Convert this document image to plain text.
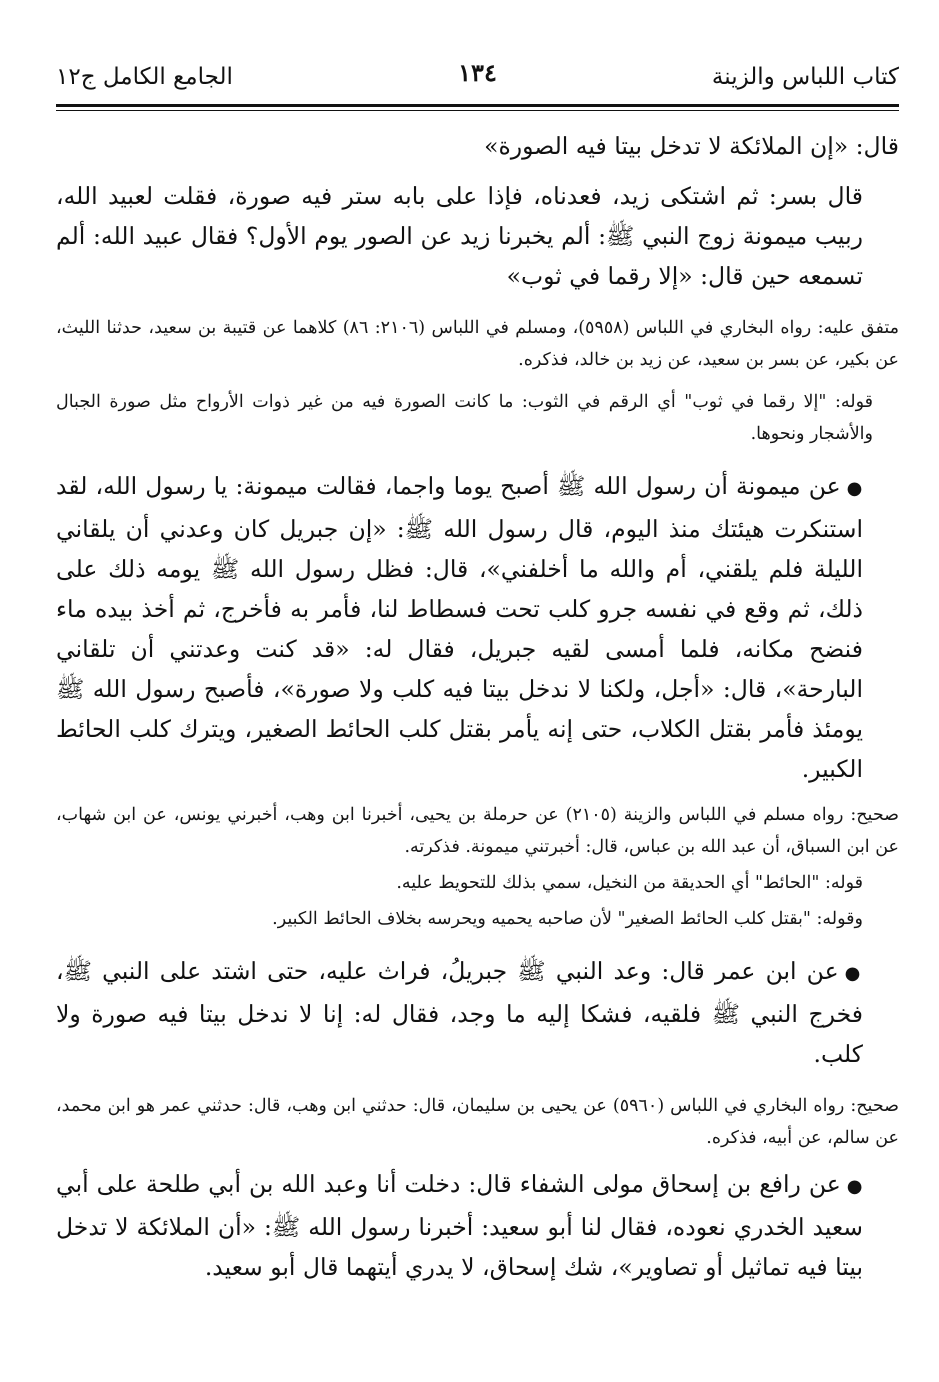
كتاب اللباس والزينة
١٣٤
الجامع الكامل ج١٢

قال: «إن الملائكة لا تدخل بيتا فيه الصورة»

قال بسر: ثم اشتكى زيد، فعدناه، فإذا على بابه ستر فيه صورة، فقلت لعبيد الله، ربيب ميمونة زوج النبي ﷺ: ألم يخبرنا زيد عن الصور يوم الأول؟ فقال عبيد الله: ألم تسمعه حين قال: «إلا رقما في ثوب»

متفق عليه: رواه البخاري في اللباس (٥٩٥٨)، ومسلم في اللباس (٢١٠٦: ٨٦) كلاهما عن قتيبة بن سعيد، حدثنا الليث، عن بكير، عن بسر بن سعيد، عن زيد بن خالد، فذكره.

قوله: "إلا رقما في ثوب" أي الرقم في الثوب: ما كانت الصورة فيه من غير ذوات الأرواح مثل صورة الجبال والأشجار ونحوها.

●عن ميمونة أن رسول الله ﷺ أصبح يوما واجما، فقالت ميمونة: يا رسول الله، لقد استنكرت هيئتك منذ اليوم، قال رسول الله ﷺ: «إن جبريل كان وعدني أن يلقاني الليلة فلم يلقني، أم والله ما أخلفني»، قال: فظل رسول الله ﷺ يومه ذلك على ذلك، ثم وقع في نفسه جرو كلب تحت فسطاط لنا، فأمر به فأخرج، ثم أخذ بيده ماء فنضح مكانه، فلما أمسى لقيه جبريل، فقال له: «قد كنت وعدتني أن تلقاني البارحة»، قال: «أجل، ولكنا لا ندخل بيتا فيه كلب ولا صورة»، فأصبح رسول الله ﷺ يومئذ فأمر بقتل الكلاب، حتى إنه يأمر بقتل كلب الحائط الصغير، ويترك كلب الحائط الكبير.

صحيح: رواه مسلم في اللباس والزينة (٢١٠٥) عن حرملة بن يحيى، أخبرنا ابن وهب، أخبرني يونس، عن ابن شهاب، عن ابن السباق، أن عبد الله بن عباس، قال: أخبرتني ميمونة. فذكرته.

قوله: "الحائط" أي الحديقة من النخيل، سمي بذلك للتحويط عليه.

وقوله: "بقتل كلب الحائط الصغير" لأن صاحبه يحميه ويحرسه بخلاف الحائط الكبير.

●عن ابن عمر قال: وعد النبي ﷺ جبريلُ، فراث عليه، حتى اشتد على النبي ﷺ، فخرج النبي ﷺ فلقيه، فشكا إليه ما وجد، فقال له: إنا لا ندخل بيتا فيه صورة ولا كلب.

صحيح: رواه البخاري في اللباس (٥٩٦٠) عن يحيى بن سليمان، قال: حدثني ابن وهب، قال: حدثني عمر هو ابن محمد، عن سالم، عن أبيه، فذكره.

●عن رافع بن إسحاق مولى الشفاء قال: دخلت أنا وعبد الله بن أبي طلحة على أبي سعيد الخدري نعوده، فقال لنا أبو سعيد: أخبرنا رسول الله ﷺ: «أن الملائكة لا تدخل بيتا فيه تماثيل أو تصاوير»، شك إسحاق، لا يدري أيتهما قال أبو سعيد.
